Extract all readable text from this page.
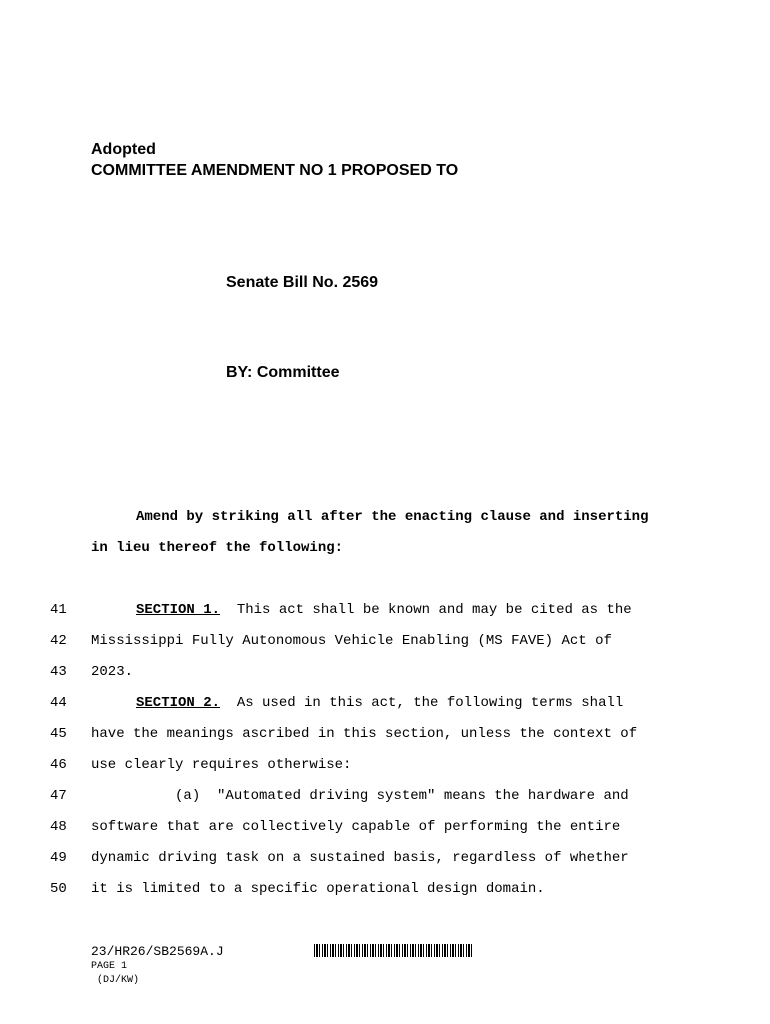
Adopted
COMMITTEE AMENDMENT NO 1 PROPOSED TO
Senate Bill No. 2569
BY: Committee
Amend by striking all after the enacting clause and inserting
in lieu thereof the following:
41	SECTION 1.  This act shall be known and may be cited as the
42 Mississippi Fully Autonomous Vehicle Enabling (MS FAVE) Act of
43 2023.
44	SECTION 2.  As used in this act, the following terms shall
45 have the meanings ascribed in this section, unless the context of
46 use clearly requires otherwise:
47 (a)  "Automated driving system" means the hardware and
48 software that are collectively capable of performing the entire
49 dynamic driving task on a sustained basis, regardless of whether
50 it is limited to a specific operational design domain.
23/HR26/SB2569A.J
PAGE 1
(DJ/KW)
